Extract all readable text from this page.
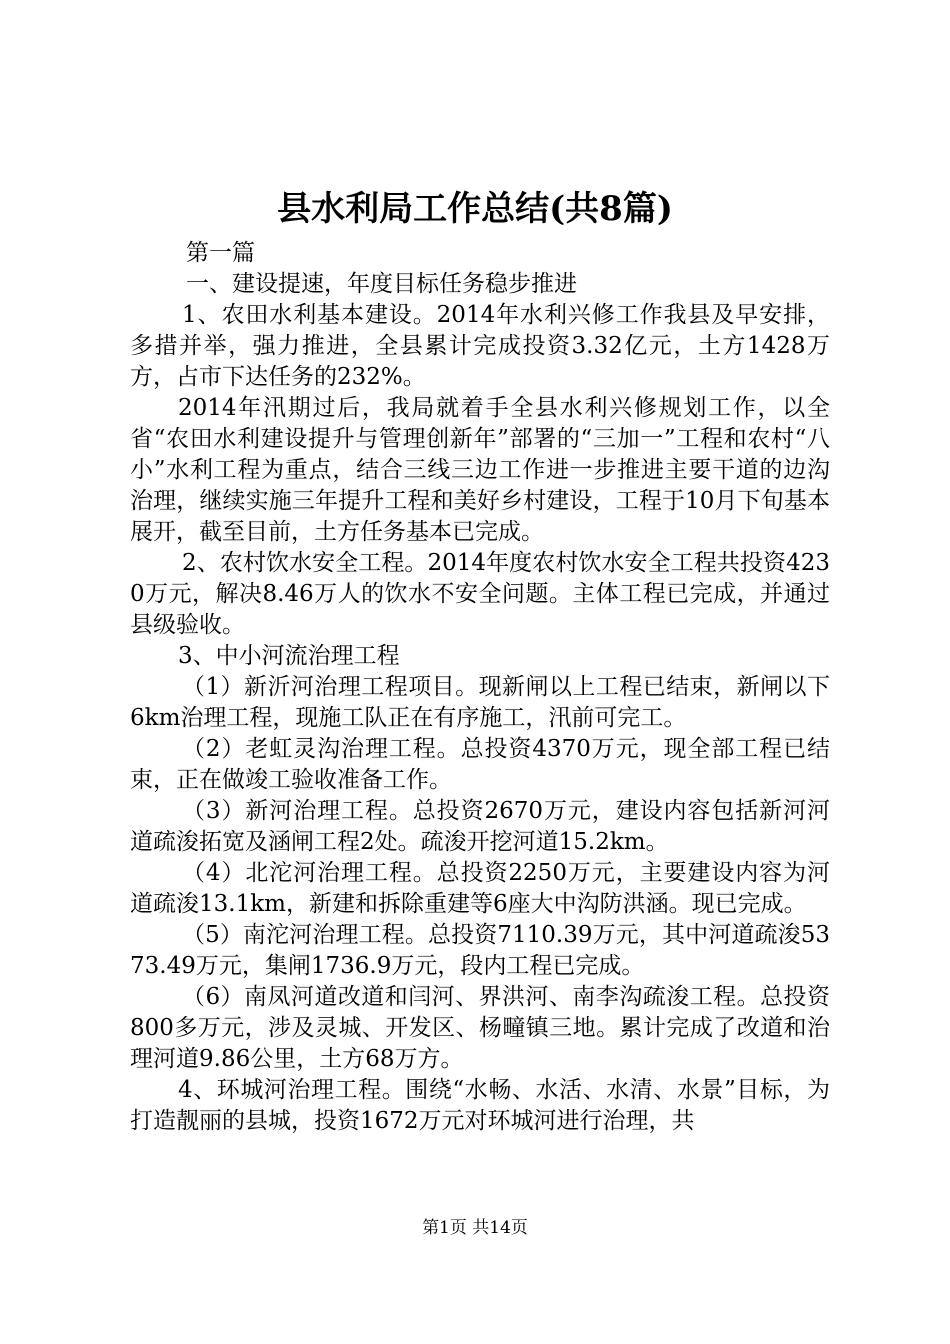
县水利局工作总结(共8篇)

第一篇

一、建设提速，年度目标任务稳步推进

1、农田水利基本建设。2014年水利兴修工作我县及早安排，多措并举，强力推进，全县累计完成投资3.32亿元，土方1428万方，占市下达任务的232%。

2014年汛期过后，我局就着手全县水利兴修规划工作，以全省“农田水利建设提升与管理创新年”部署的“三加一”工程和农村“八小”水利工程为重点，结合三线三边工作进一步推进主要干道的边沟治理，继续实施三年提升工程和美好乡村建设，工程于10月下旬基本展开，截至目前，土方任务基本已完成。

2、农村饮水安全工程。2014年度农村饮水安全工程共投资4230万元，解决8.46万人的饮水不安全问题。主体工程已完成，并通过县级验收。

3、中小河流治理工程

（1）新沂河治理工程项目。现新闸以上工程已结束，新闸以下6km治理工程，现施工队正在有序施工，汛前可完工。

（2）老虹灵沟治理工程。总投资4370万元，现全部工程已结束，正在做竣工验收准备工作。

（3）新河治理工程。总投资2670万元，建设内容包括新河河道疏浚拓宽及涵闸工程2处。疏浚开挖河道15.2km。

（4）北沱河治理工程。总投资2250万元，主要建设内容为河道疏浚13.1km，新建和拆除重建等6座大中沟防洪涵。现已完成。

（5）南沱河治理工程。总投资7110.39万元，其中河道疏浚5373.49万元，集闸1736.9万元，段内工程已完成。

（6）南凤河道改道和闫河、界洪河、南李沟疏浚工程。总投资800多万元，涉及灵城、开发区、杨疃镇三地。累计完成了改道和治理河道9.86公里，土方68万方。

4、环城河治理工程。围绕“水畅、水活、水清、水景”目标，为打造靓丽的县城，投资1672万元对环城河进行治理，共

第1页 共14页
